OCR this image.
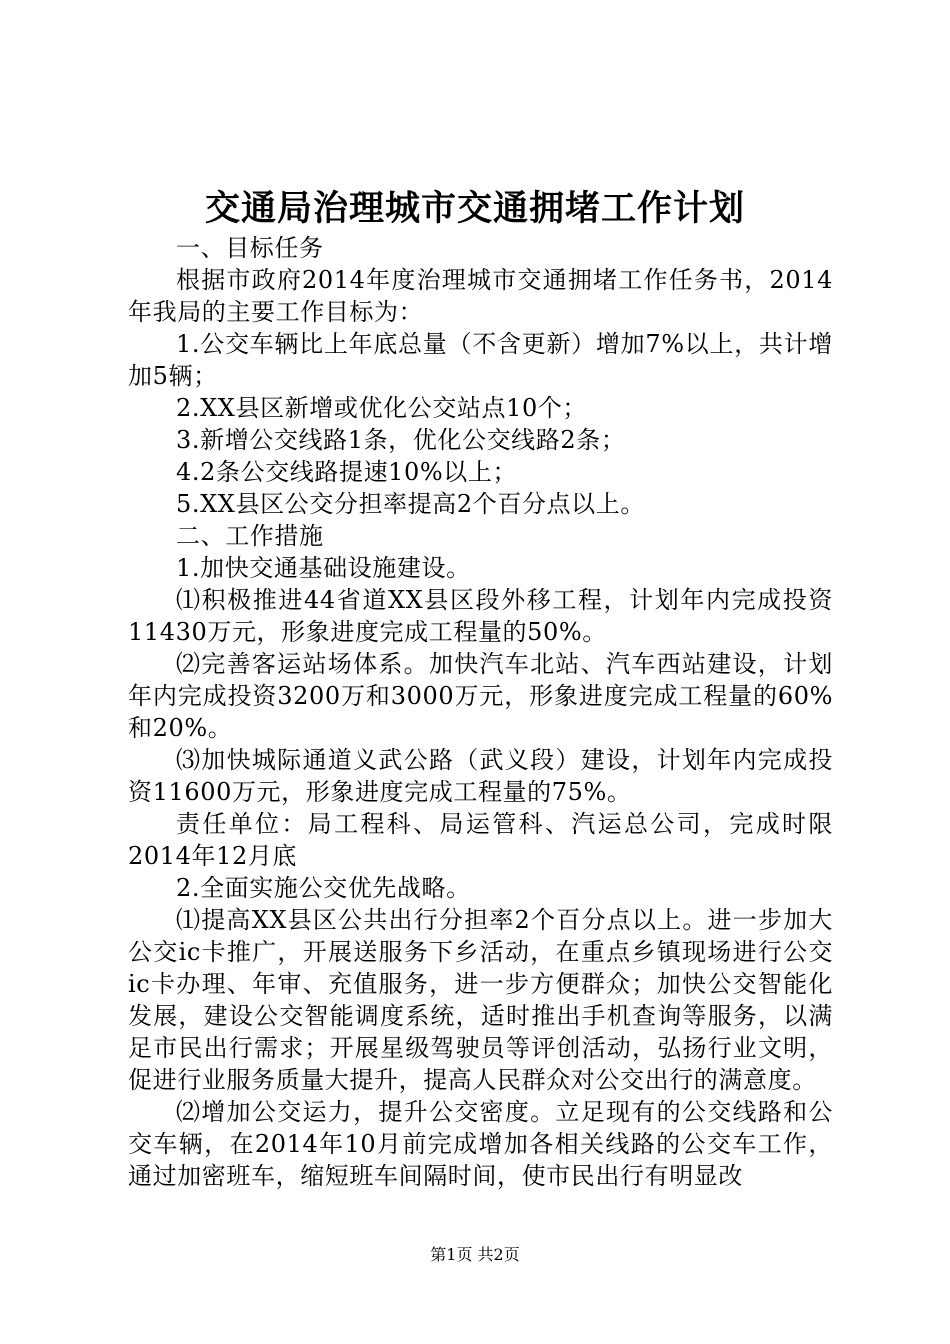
交通局治理城市交通拥堵工作计划

一、目标任务

根据市政府2014年度治理城市交通拥堵工作任务书，2014年我局的主要工作目标为：

1.公交车辆比上年底总量（不含更新）增加7%以上，共计增加5辆；

2.XX县区新增或优化公交站点10个；

3.新增公交线路1条，优化公交线路2条；

4.2条公交线路提速10%以上；

5.XX县区公交分担率提高2个百分点以上。

二、工作措施

1.加快交通基础设施建设。

⑴积极推进44省道XX县区段外移工程，计划年内完成投资11430万元，形象进度完成工程量的50%。

⑵完善客运站场体系。加快汽车北站、汽车西站建设，计划年内完成投资3200万和3000万元，形象进度完成工程量的60%和20%。

⑶加快城际通道义武公路（武义段）建设，计划年内完成投资11600万元，形象进度完成工程量的75%。

责任单位：局工程科、局运管科、汽运总公司，完成时限2014年12月底

2.全面实施公交优先战略。

⑴提高XX县区公共出行分担率2个百分点以上。进一步加大公交ic卡推广，开展送服务下乡活动，在重点乡镇现场进行公交ic卡办理、年审、充值服务，进一步方便群众；加快公交智能化发展，建设公交智能调度系统，适时推出手机查询等服务，以满足市民出行需求；开展星级驾驶员等评创活动，弘扬行业文明，促进行业服务质量大提升，提高人民群众对公交出行的满意度。

⑵增加公交运力，提升公交密度。立足现有的公交线路和公交车辆，在2014年10月前完成增加各相关线路的公交车工作，通过加密班车，缩短班车间隔时间，使市民出行有明显改

第1页 共2页
